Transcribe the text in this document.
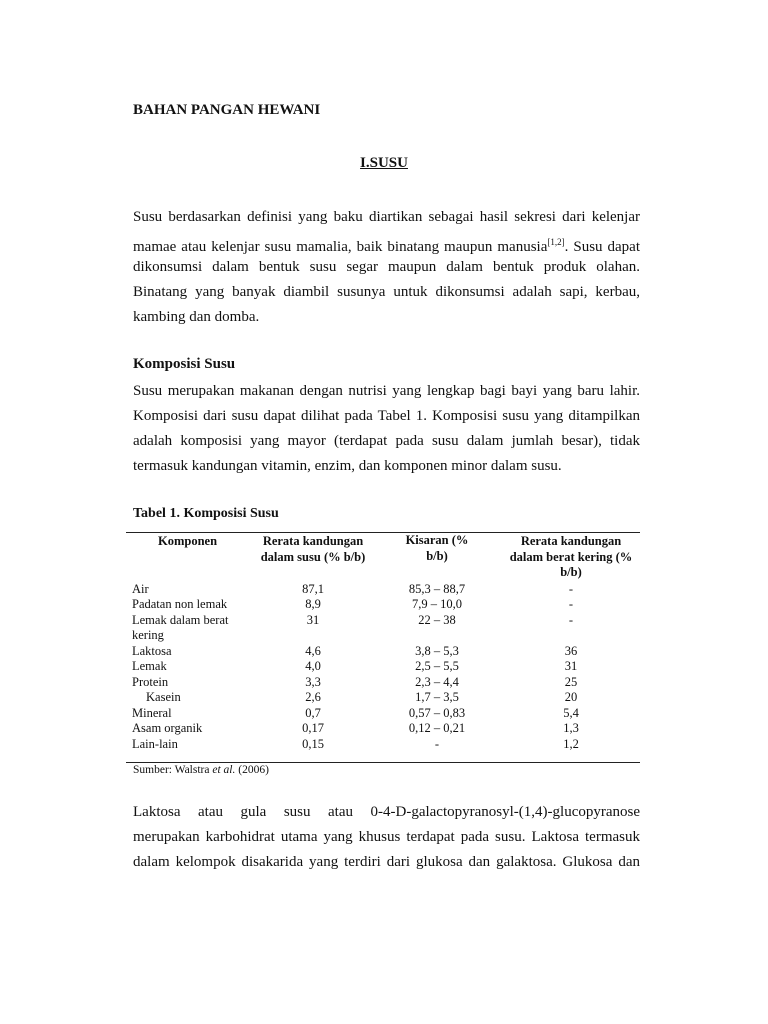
BAHAN PANGAN HEWANI
I.SUSU
Susu berdasarkan definisi yang baku diartikan sebagai hasil sekresi dari kelenjar
mamae atau kelenjar susu mamalia, baik binatang maupun manusia[1,2]. Susu dapat
dikonsumsi dalam bentuk susu segar maupun dalam bentuk produk olahan.
Binatang yang banyak diambil susunya untuk dikonsumsi adalah sapi, kerbau,
kambing dan domba.
Komposisi Susu
Susu merupakan makanan dengan nutrisi yang lengkap bagi bayi yang baru lahir.
Komposisi dari susu dapat dilihat pada Tabel 1. Komposisi susu yang ditampilkan
adalah komposisi yang mayor (terdapat pada susu dalam jumlah besar), tidak
termasuk kandungan vitamin, enzim, dan komponen minor dalam susu.
Tabel 1. Komposisi Susu
Komponen	Rerata kandungan dalam susu (% b/b)	Kisaran (% b/b)	Rerata kandungan dalam berat kering (% b/b)
Air	87,1	85,3 – 88,7	-
Padatan non lemak	8,9	7,9 – 10,0	-
Lemak dalam berat kering	31	22 – 38	-
Laktosa	4,6	3,8 – 5,3	36
Lemak	4,0	2,5 – 5,5	31
Protein	3,3	2,3 – 4,4	25
Kasein	2,6	1,7 – 3,5	20
Mineral	0,7	0,57 – 0,83	5,4
Asam organik	0,17	0,12 – 0,21	1,3
Lain-lain	0,15	-	1,2

Sumber: Walstra et al. (2006)
Laktosa atau gula susu atau 0-4-D-galactopyranosyl-(1,4)-glucopyranose
merupakan karbohidrat utama yang khusus terdapat pada susu. Laktosa termasuk
dalam kelompok disakarida yang terdiri dari glukosa dan galaktosa. Glukosa dan
